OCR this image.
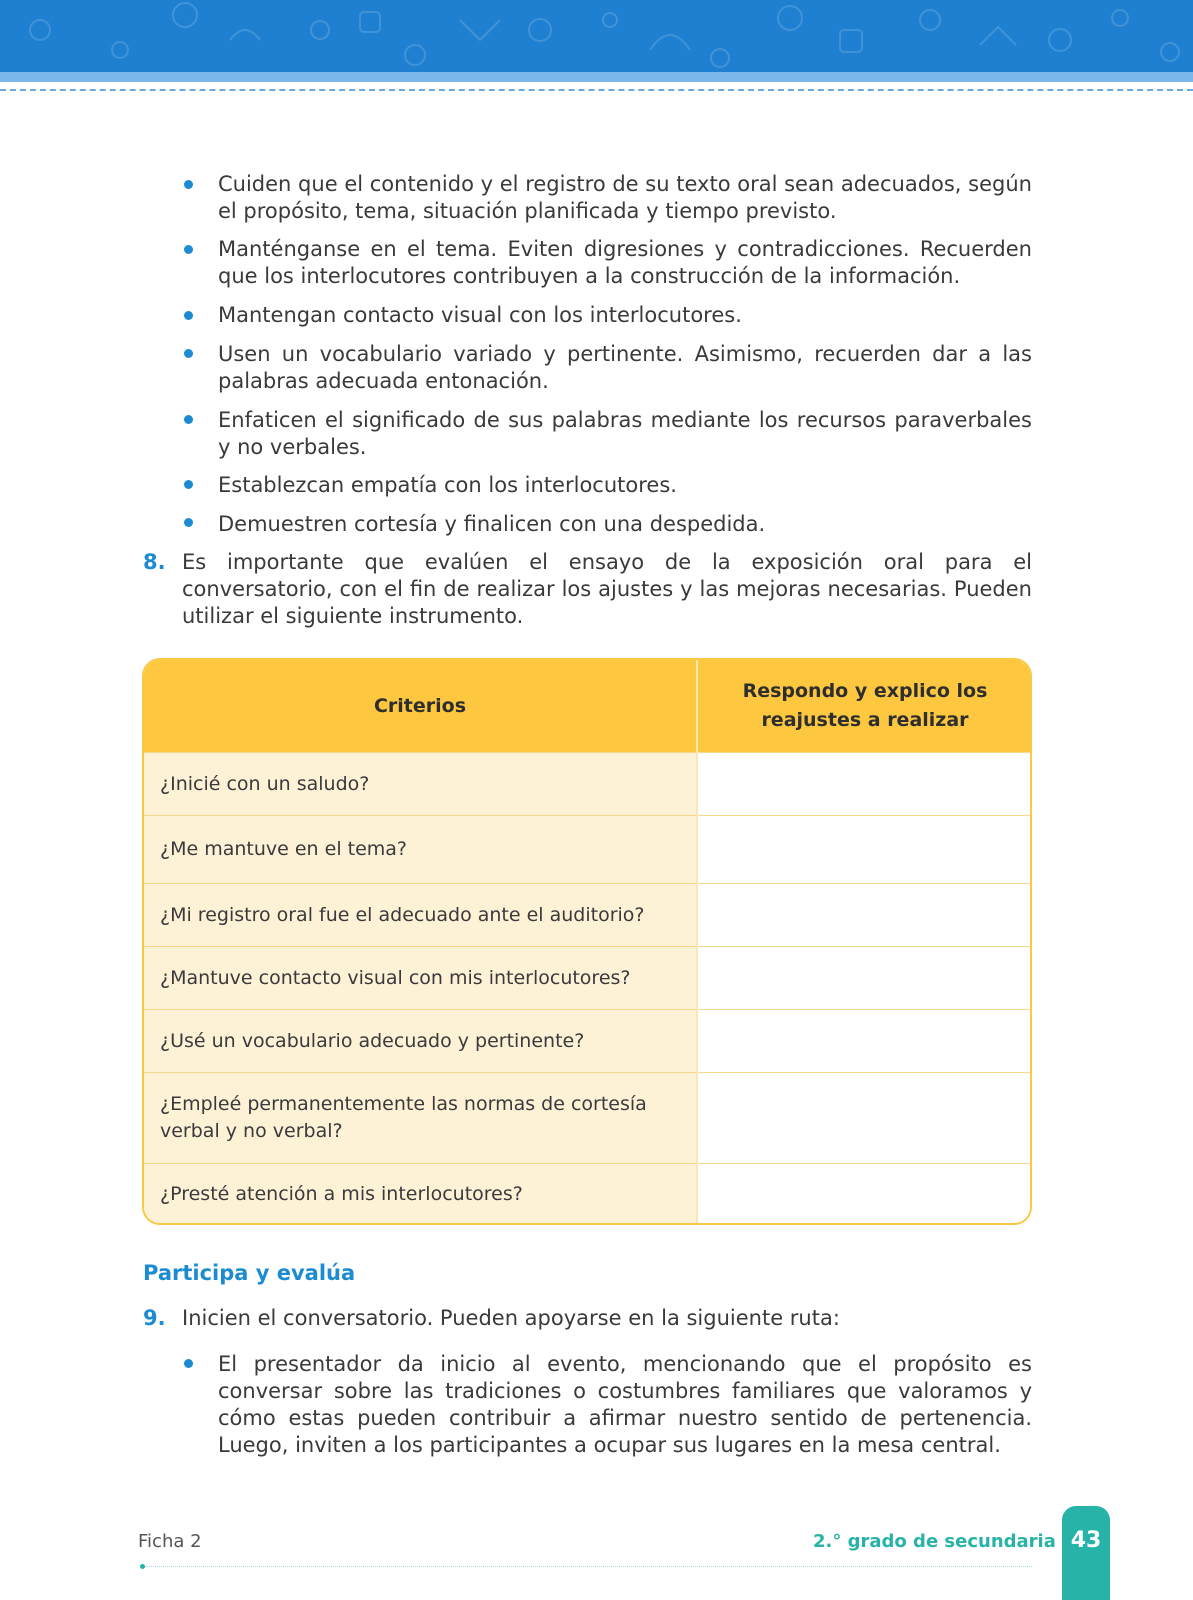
Cuiden que el contenido y el registro de su texto oral sean adecuados, según el propósito, tema, situación planificada y tiempo previsto.
Manténganse en el tema. Eviten digresiones y contradicciones. Recuerden que los interlocutores contribuyen a la construcción de la información.
Mantengan contacto visual con los interlocutores.
Usen un vocabulario variado y pertinente. Asimismo, recuerden dar a las palabras adecuada entonación.
Enfaticen el significado de sus palabras mediante los recursos paraverbales y no verbales.
Establezcan empatía con los interlocutores.
Demuestren cortesía y finalicen con una despedida.
8. Es importante que evalúen el ensayo de la exposición oral para el conversatorio, con el fin de realizar los ajustes y las mejoras necesarias. Pueden utilizar el siguiente instrumento.
Criterios
Respondo y explico los reajustes a realizar
¿Inicié con un saludo?
¿Me mantuve en el tema?
¿Mi registro oral fue el adecuado ante el auditorio?
¿Mantuve contacto visual con mis interlocutores?
¿Usé un vocabulario adecuado y pertinente?
¿Empleé permanentemente las normas de cortesía verbal y no verbal?
¿Presté atención a mis interlocutores?
Participa y evalúa
9. Inicien el conversatorio. Pueden apoyarse en la siguiente ruta:
El presentador da inicio al evento, mencionando que el propósito es conversar sobre las tradiciones o costumbres familiares que valoramos y cómo estas pueden contribuir a afirmar nuestro sentido de pertenencia. Luego, inviten a los participantes a ocupar sus lugares en la mesa central.
Ficha 2	2.° grado de secundaria 43
